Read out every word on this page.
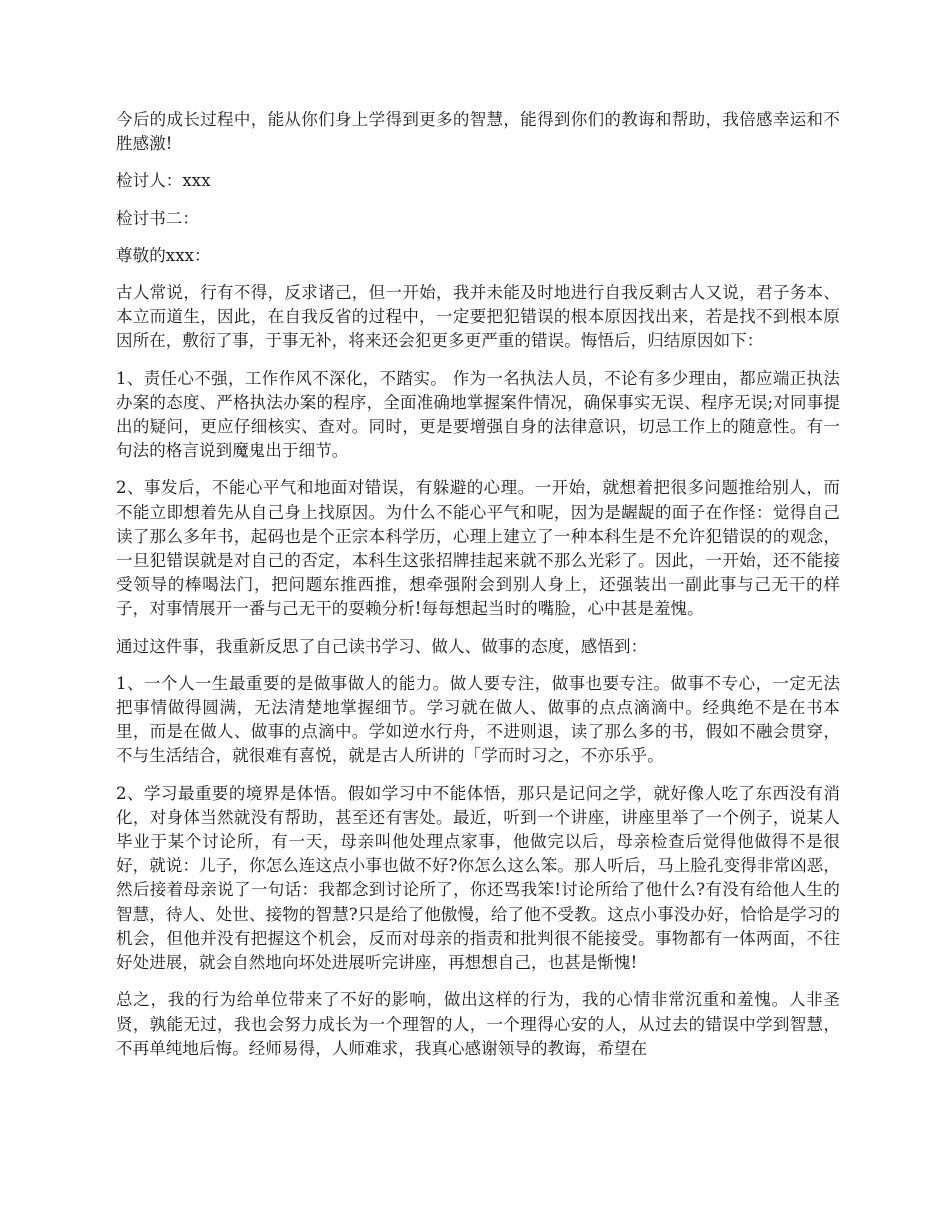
今后的成长过程中，能从你们身上学得到更多的智慧，能得到你们的教诲和帮助，我倍感幸运和不胜感激!

检讨人：xxx

检讨书二：

尊敬的xxx：

古人常说，行有不得，反求诸己，但一开始，我并未能及时地进行自我反剩古人又说，君子务本、本立而道生，因此，在自我反省的过程中，一定要把犯错误的根本原因找出来，若是找不到根本原因所在，敷衍了事，于事无补，将来还会犯更多更严重的错误。悔悟后，归结原因如下：

1、责任心不强，工作作风不深化，不踏实。 作为一名执法人员，不论有多少理由，都应端正执法办案的态度、严格执法办案的程序，全面准确地掌握案件情况，确保事实无误、程序无误;对同事提出的疑问，更应仔细核实、查对。同时，更是要增强自身的法律意识，切忌工作上的随意性。有一句法的格言说到魔鬼出于细节。

2、事发后，不能心平气和地面对错误，有躲避的心理。一开始，就想着把很多问题推给别人，而不能立即想着先从自己身上找原因。为什么不能心平气和呢，因为是龌龊的面子在作怪：觉得自己读了那么多年书，起码也是个正宗本科学历，心理上建立了一种本科生是不允许犯错误的的观念，一旦犯错误就是对自己的否定，本科生这张招牌挂起来就不那么光彩了。因此，一开始，还不能接受领导的棒喝法门，把问题东推西推，想牵强附会到别人身上，还强装出一副此事与己无干的样子，对事情展开一番与己无干的耍赖分析!每每想起当时的嘴脸，心中甚是羞愧。

通过这件事，我重新反思了自己读书学习、做人、做事的态度，感悟到：

1、一个人一生最重要的是做事做人的能力。做人要专注，做事也要专注。做事不专心，一定无法把事情做得圆满，无法清楚地掌握细节。学习就在做人、做事的点点滴滴中。经典绝不是在书本里，而是在做人、做事的点滴中。学如逆水行舟，不进则退，读了那么多的书，假如不融会贯穿，不与生活结合，就很难有喜悦，就是古人所讲的「学而时习之，不亦乐乎。

2、学习最重要的境界是体悟。假如学习中不能体悟，那只是记问之学，就好像人吃了东西没有消化，对身体当然就没有帮助，甚至还有害处。最近，听到一个讲座，讲座里举了一个例子，说某人毕业于某个讨论所，有一天，母亲叫他处理点家事，他做完以后，母亲检查后觉得他做得不是很好，就说：儿子，你怎么连这点小事也做不好?你怎么这么笨。那人听后，马上脸孔变得非常凶恶，然后接着母亲说了一句话：我都念到讨论所了，你还骂我笨!讨论所给了他什么?有没有给他人生的智慧，待人、处世、接物的智慧?只是给了他傲慢，给了他不受教。这点小事没办好，恰恰是学习的机会，但他并没有把握这个机会，反而对母亲的指责和批判很不能接受。事物都有一体两面，不往好处进展，就会自然地向坏处进展听完讲座，再想想自己，也甚是惭愧!

总之，我的行为给单位带来了不好的影响，做出这样的行为，我的心情非常沉重和羞愧。人非圣贤，孰能无过，我也会努力成长为一个理智的人，一个理得心安的人，从过去的错误中学到智慧，不再单纯地后悔。经师易得，人师难求，我真心感谢领导的教诲，希望在
